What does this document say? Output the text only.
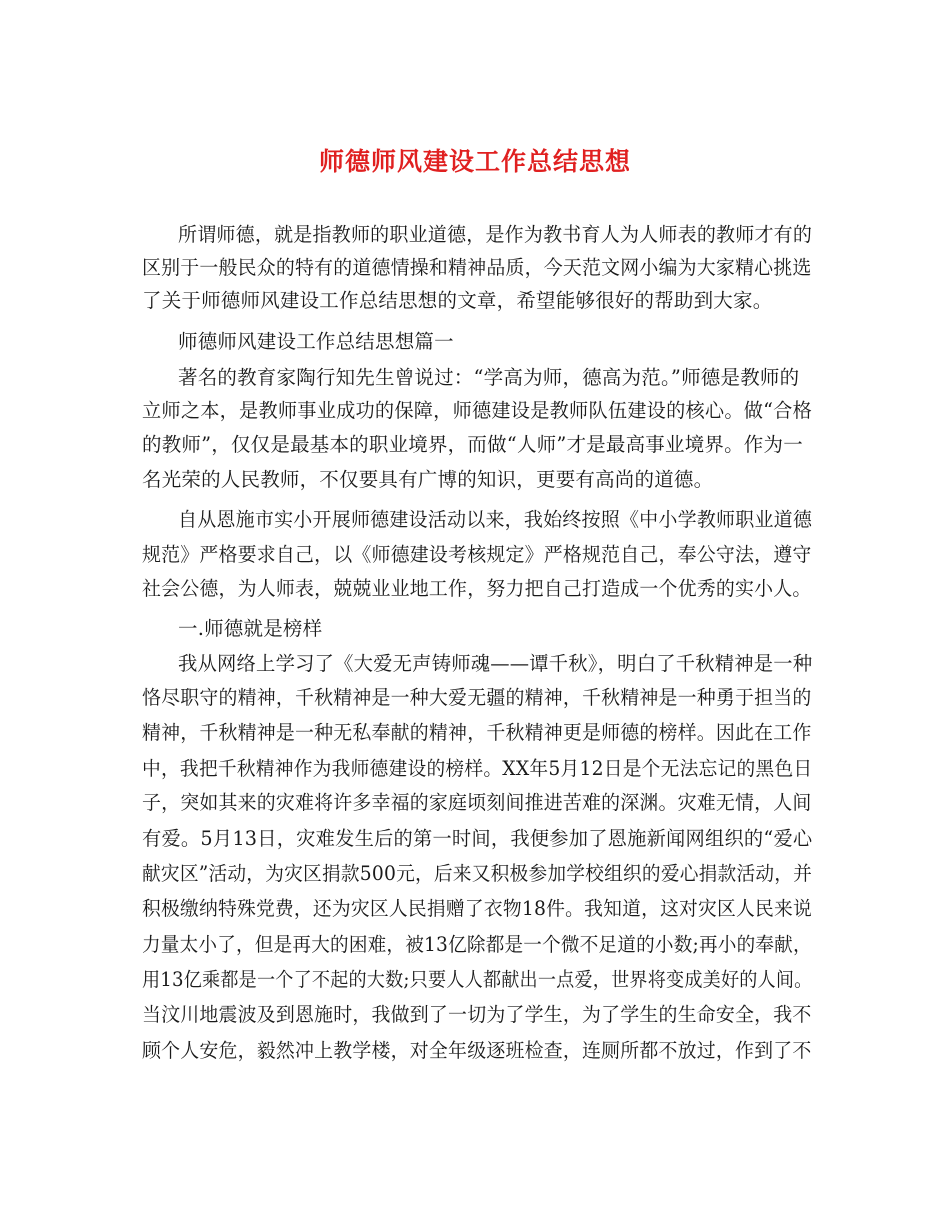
师德师风建设工作总结思想
所谓师德，就是指教师的职业道德，是作为教书育人为人师表的教师才有的
区别于一般民众的特有的道德情操和精神品质，今天范文网小编为大家精心挑选
了关于师德师风建设工作总结思想的文章，希望能够很好的帮助到大家。
师德师风建设工作总结思想篇一
著名的教育家陶行知先生曾说过：“学高为师，德高为范。”师德是教师的
立师之本，是教师事业成功的保障，师德建设是教师队伍建设的核心。做“合格
的教师”，仅仅是最基本的职业境界，而做“人师”才是最高事业境界。作为一
名光荣的人民教师，不仅要具有广博的知识，更要有高尚的道德。
自从恩施市实小开展师德建设活动以来，我始终按照《中小学教师职业道德
规范》严格要求自己，以《师德建设考核规定》严格规范自己，奉公守法，遵守
社会公德，为人师表，兢兢业业地工作，努力把自己打造成一个优秀的实小人。
一.师德就是榜样
我从网络上学习了《大爱无声铸师魂——谭千秋》，明白了千秋精神是一种
恪尽职守的精神，千秋精神是一种大爱无疆的精神，千秋精神是一种勇于担当的
精神，千秋精神是一种无私奉献的精神，千秋精神更是师德的榜样。因此在工作
中，我把千秋精神作为我师德建设的榜样。XX年5月12日是个无法忘记的黑色日
子，突如其来的灾难将许多幸福的家庭顷刻间推进苦难的深渊。灾难无情，人间
有爱。5月13日，灾难发生后的第一时间，我便参加了恩施新闻网组织的“爱心
献灾区”活动，为灾区捐款500元，后来又积极参加学校组织的爱心捐款活动，并
积极缴纳特殊党费，还为灾区人民捐赠了衣物18件。我知道，这对灾区人民来说
力量太小了，但是再大的困难，被13亿除都是一个微不足道的小数;再小的奉献，
用13亿乘都是一个了不起的大数;只要人人都献出一点爱，世界将变成美好的人间。
当汶川地震波及到恩施时，我做到了一切为了学生，为了学生的生命安全，我不
顾个人安危，毅然冲上教学楼，对全年级逐班检查，连厕所都不放过，作到了不
